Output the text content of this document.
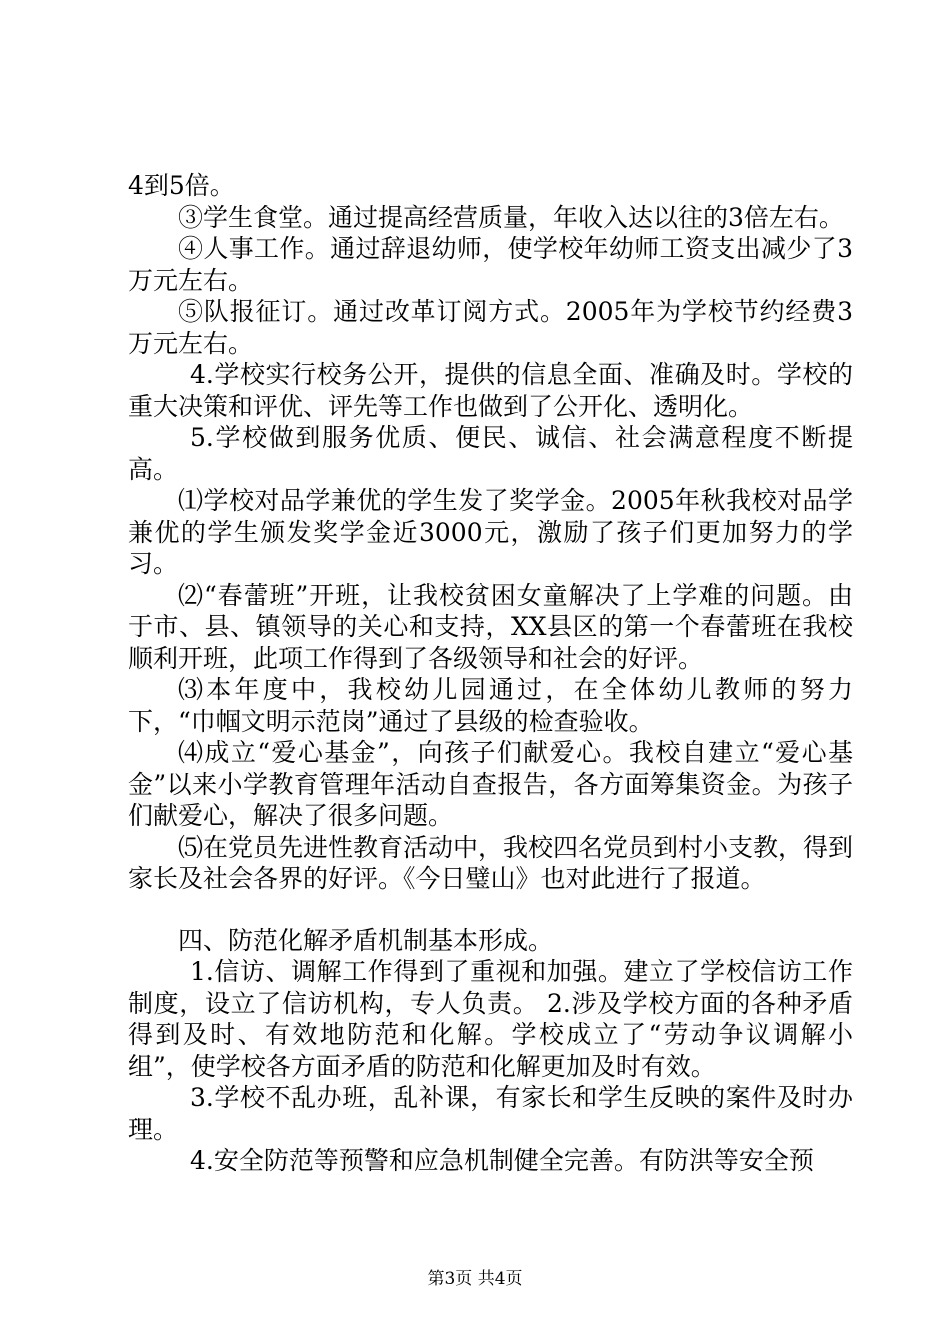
4到5倍。

③学生食堂。通过提高经营质量，年收入达以往的3倍左右。

④人事工作。通过辞退幼师，使学校年幼师工资支出减少了3万元左右。

⑤队报征订。通过改革订阅方式。2005年为学校节约经费3万元左右。

4.学校实行校务公开，提供的信息全面、准确及时。学校的重大决策和评优、评先等工作也做到了公开化、透明化。

5.学校做到服务优质、便民、诚信、社会满意程度不断提高。

⑴学校对品学兼优的学生发了奖学金。2005年秋我校对品学兼优的学生颁发奖学金近3000元，激励了孩子们更加努力的学习。

⑵“春蕾班”开班，让我校贫困女童解决了上学难的问题。由于市、县、镇领导的关心和支持，XX县区的第一个春蕾班在我校顺利开班，此项工作得到了各级领导和社会的好评。

⑶本年度中，我校幼儿园通过，在全体幼儿教师的努力下，“巾帼文明示范岗”通过了县级的检查验收。

⑷成立“爱心基金”，向孩子们献爱心。我校自建立“爱心基金”以来小学教育管理年活动自查报告，各方面筹集资金。为孩子们献爱心，解决了很多问题。

⑸在党员先进性教育活动中，我校四名党员到村小支教，得到家长及社会各界的好评。《今日璧山》也对此进行了报道。

四、防范化解矛盾机制基本形成。

1.信访、调解工作得到了重视和加强。建立了学校信访工作制度，设立了信访机构，专人负责。 2.涉及学校方面的各种矛盾得到及时、有效地防范和化解。学校成立了“劳动争议调解小组”，使学校各方面矛盾的防范和化解更加及时有效。

3.学校不乱办班，乱补课，有家长和学生反映的案件及时办理。

4.安全防范等预警和应急机制健全完善。有防洪等安全预

第3页 共4页
